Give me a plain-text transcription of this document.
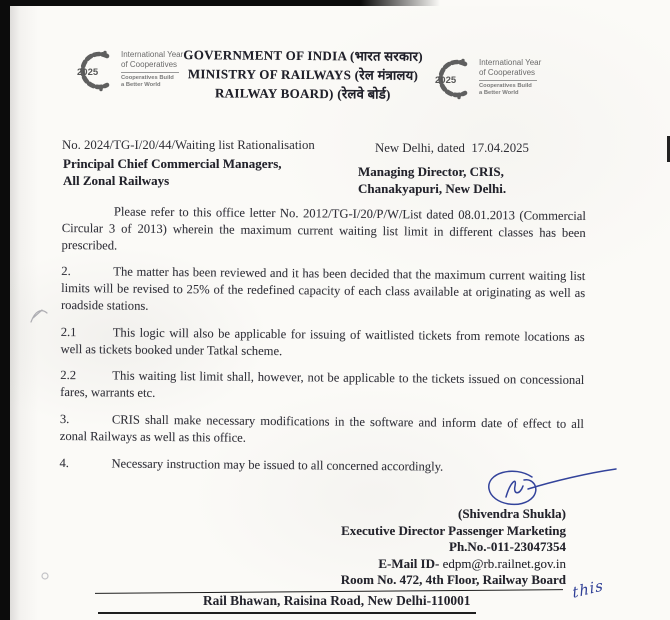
2025
International Year
of Cooperatives
Cooperatives Build
a Better World
GOVERNMENT OF INDIA (भारत सरकार)
MINISTRY OF RAILWAYS (रेल मंत्रालय)
RAILWAY BOARD) (रेलवे बोर्ड)
2025
International Year
of Cooperatives
Cooperatives Build
a Better World
No. 2024/TG-I/20/44/Waiting list Rationalisation	New Delhi, dated 17.04.2025
Principal Chief Commercial Managers,
All Zonal Railways
Managing Director, CRIS,
Chanakyapuri, New Delhi.

Please refer to this office letter No. 2012/TG-I/20/P/W/List dated 08.01.2013 (Commercial Circular 3 of 2013) wherein the maximum current waiting list limit in different classes has been prescribed.

2.	The matter has been reviewed and it has been decided that the maximum current waiting list limits will be revised to 25% of the redefined capacity of each class available at originating as well as roadside stations.

2.1	This logic will also be applicable for issuing of waitlisted tickets from remote locations as well as tickets booked under Tatkal scheme.

2.2	This waiting list limit shall, however, not be applicable to the tickets issued on concessional fares, warrants etc.

3.	CRIS shall make necessary modifications in the software and inform date of effect to all zonal Railways as well as this office.

4.	Necessary instruction may be issued to all concerned accordingly.

(Shivendra Shukla)
Executive Director Passenger Marketing
Ph.No.-011-23047354
E-Mail ID- edpm@rb.railnet.gov.in
Room No. 472, 4th Floor, Railway Board
Rail Bhawan, Raisina Road, New Delhi-110001	this
